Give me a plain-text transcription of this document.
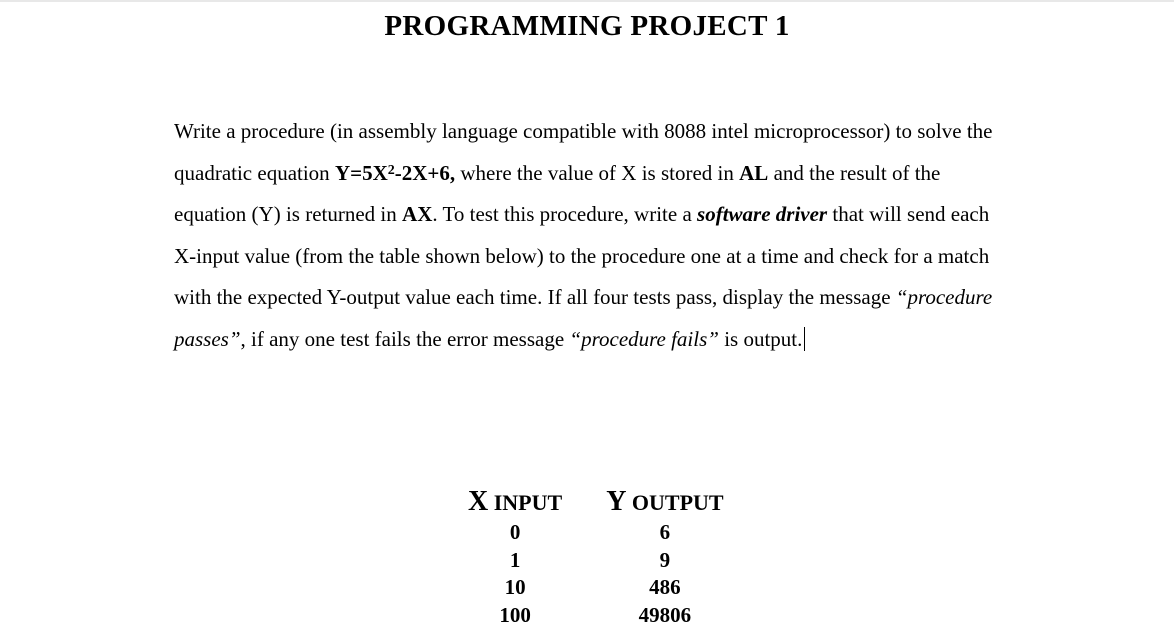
PROGRAMMING PROJECT 1

Write a procedure (in assembly language compatible with 8088 intel microprocessor) to solve the quadratic equation $Y=5X^2-2X+6$, where the value of X is stored in AL and the result of the equation (Y) is returned in AX. To test this procedure, write a software driver that will send each X-input value (from the table shown below) to the procedure one at a time and check for a match with the expected Y-output value each time. If all four tests pass, display the message “procedure passes”, if any one test fails the error message “procedure fails” is output.

X INPUT	Y OUTPUT
0	6
1	9
10	486
100	49806
